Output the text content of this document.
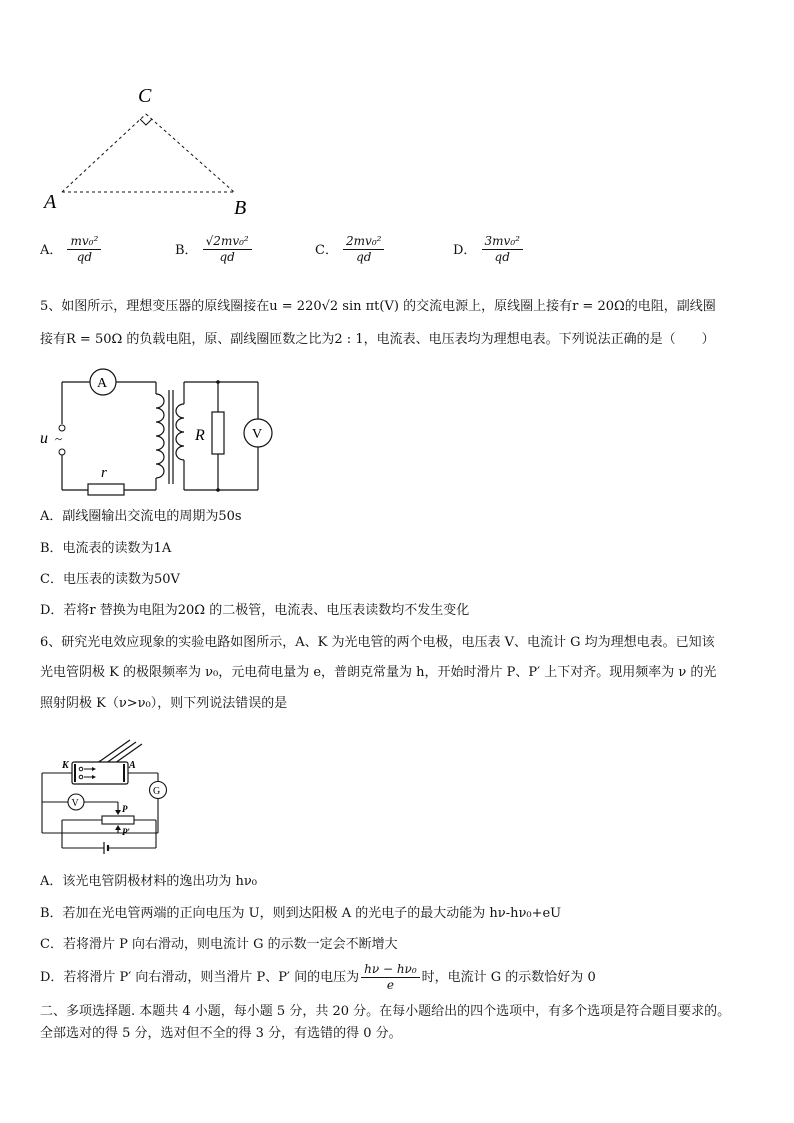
C
A	B
A． $\frac{\text{mv₀²}}{qd}$	B． $\frac{\text{√2mv₀²}}{qd}$	C． $\frac{\text{2mv₀²}}{qd}$	D． $\frac{\text{3mv₀²}}{qd}$
5、如图所示，理想变压器的原线圈接在u = 220√2 sin πt(V) 的交流电源上，原线圈上接有r = 20Ω的电阻，副线圈
接有R = 50Ω 的负载电阻，原、副线圈匝数之比为2 : 1，电流表、电压表均为理想电表。下列说法正确的是（　　）
A
u ~
r
R	V
A．副线圈输出交流电的周期为50s
B．电流表的读数为1A
C．电压表的读数为50V
D．若将r 替换为电阻为20Ω 的二极管，电流表、电压表读数均不发生变化
6、研究光电效应现象的实验电路如图所示，A、K 为光电管的两个电极，电压表 V、电流计 G 均为理想电表。已知该
光电管阴极 K 的极限频率为 ν₀，元电荷电量为 e，普朗克常量为 h，开始时滑片 P、P′ 上下对齐。现用频率为 ν 的光
照射阴极 K（ν>ν₀），则下列说法错误的是
K	A
G
V	P
P′
A．该光电管阴极材料的逸出功为 hν₀
B．若加在光电管两端的正向电压为 U，则到达阳极 A 的光电子的最大动能为 hν-hν₀+eU
C．若将滑片 P 向右滑动，则电流计 G 的示数一定会不断增大
D．若将滑片 P′ 向右滑动，则当滑片 P、P′ 间的电压为 $\frac{\text{hν − hν₀}}{e}$ 时，电流计 G 的示数恰好为 0
二、多项选择题. 本题共 4 小题，每小题 5 分，共 20 分。在每小题给出的四个选项中，有多个选项是符合题目要求的。
全部选对的得 5 分，选对但不全的得 3 分，有选错的得 0 分。
